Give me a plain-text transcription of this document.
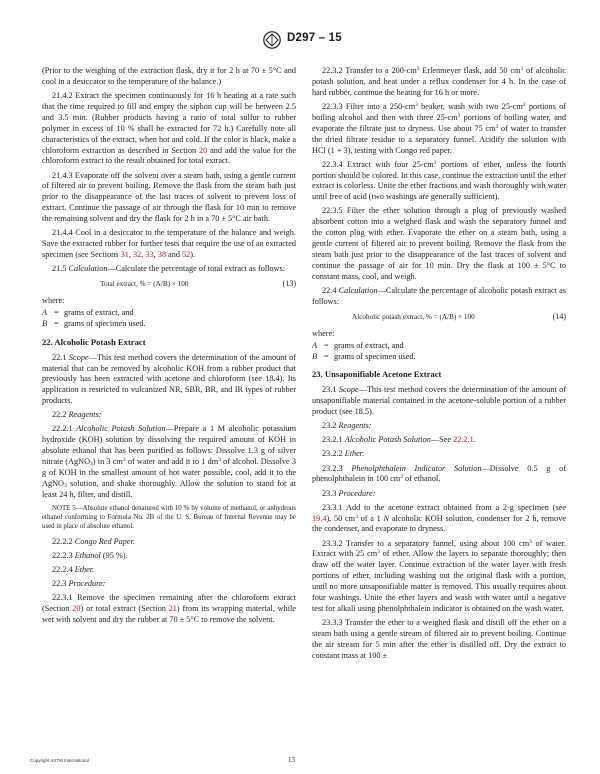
D297 – 15

(Prior to the weighing of the extraction flask, dry it for 2 h at 70 ± 5°C and cool in a desiccator to the temperature of the balance.)

21.4.2 Extract the specimen continuously for 16 h heating at a rate such that the time required to fill and empty the siphon cup will be between 2.5 and 3.5 min. (Rubber products having a ratio of total sulfur to rubber polymer in excess of 10 % shall be extracted for 72 h.) Carefully note all characteristics of the extract, when hot and cold. If the color is black, make a chloroform extraction as described in Section 20 and add the value for the chloroform extract to the result obtained for total extract.

21.4.3 Evaporate off the solvent over a steam bath, using a gentle current of filtered air to prevent boiling. Remove the flask from the steam bath just prior to the disappearance of the last traces of solvent to prevent loss of extract. Continue the passage of air through the flask for 10 min to remove the remaining solvent and dry the flask for 2 h in a 70 ± 5°C air bath.

21.4.4 Cool in a desiccator to the temperature of the balance and weigh. Save the extracted rubber for further tests that require the use of an extracted specimen (see Sections 31, 32, 33, 38 and 52).

21.5 Calculation—Calculate the percentage of total extract as follows:

Total extract, % = (A/B) × 100	(13)
where:
A = grams of extract, and
B = grams of specimen used.
22. Alcoholic Potash Extract

22.1 Scope—This test method covers the determination of the amount of material that can be removed by alcoholic KOH from a rubber product that previously has been extracted with acetone and chloroform (see 18.4). Its application is restricted to vulcanized NR, SBR, BR, and IR types of rubber products.

22.2 Reagents:

22.2.1 Alcoholic Potash Solution—Prepare a 1 M alcoholic potassium hydroxide (KOH) solution by dissolving the required amount of KOH in absolute ethanol that has been purified as follows: Dissolve 1.3 g of silver nitrate (AgNO$_3$) in 3 $cm^3$ of water and add it to 1 $dm^3$ of alcohol. Dissolve 3 g of KOH in the smallest amount of hot water possible, cool, add it to the AgNO$_3$ solution, and shake thoroughly. Allow the solution to stand for at least 24 h, filter, and distill.

NOTE 5—Absolute ethanol denatured with 10 % by volume of methanol, or anhydrous ethanol conforming to Formula No. 2B of the U. S. Bureau of Internal Revenue may be used in place of absolute ethanol.

22.2.2 Congo Red Paper.

22.2.3 Ethanol (95 %).

22.2.4 Ether.

22.3 Procedure:

22.3.1 Remove the specimen remaining after the chloroform extract (Section 20) or total extract (Section 21) from its wrapping material, while wet with solvent and dry the rubber at 70 ± 5°C to remove the solvent.

22.3.2 Transfer to a $200-cm^3$ Erlenmeyer flask, add 50 $cm^3$ of alcoholic potash solution, and heat under a reflux condenser for 4 h. In the case of hard rubber, continue the heating for 16 h or more.

22.3.3 Filter into a $250-cm^3$ beaker, wash with two $25-cm^3$ portions of boiling alcohol and then with three $25-cm^3$ portions of boiling water, and evaporate the filtrate just to dryness. Use about 75 $cm^3$ of water to transfer the dried filtrate residue to a separatory funnel. Acidify the solution with HCl (1 + 3), testing with Congo red paper.

22.3.4 Extract with four $25-cm^3$ portions of ether, unless the fourth portion should be colored. In this case, continue the extraction until the ether extract is colorless. Unite the ether fractions and wash thoroughly with water until free of acid (two washings are generally sufficient).

22.3.5 Filter the ether solution through a plug of previously washed absorbent cotton into a weighed flask and wash the separatory funnel and the cotton plug with ether. Evaporate the ether on a steam bath, using a gentle current of filtered air to prevent boiling. Remove the flask from the steam bath just prior to the disappearance of the last traces of solvent and continue the passage of air for 10 min. Dry the flask at 100 ± 5°C to constant mass, cool, and weigh.

22.4 Calculation—Calculate the percentage of alcoholic potash extract as follows:

Alcoholic potash extract, % = (A/B) × 100	(14)
where:
A = grams of extract, and
B = grams of specimen used.
23. Unsaponifiable Acetone Extract

23.1 Scope—This test method covers the determination of the amount of unsaponifiable material contained in the acetone-soluble portion of a rubber product (see 18.5).

23.2 Reagents:

23.2.1 Alcoholic Potash Solution—See 22.2.1.

23.2.2 Ether.

23.2.3 Phenolphthalein Indicator Solution—Dissolve 0.5 g of phenolphthalein in 100 $cm^3$ of ethanol.

23.3 Procedure:

23.3.1 Add to the acetone extract obtained from a 2-g specimen (see 19.4), 50 $cm^3$ of a 1 N alcoholic KOH solution, condenser for 2 h, remove the condenser, and evaporate to dryness.

23.3.2 Transfer to a separatory funnel, using about 100 $cm^3$ of water. Extract with 25 $cm^3$ of ether. Allow the layers to separate thoroughly; then draw off the water layer. Continue extraction of the water layer with fresh portions of ether, including washing out the original flask with a portion, until no more unsaponifiable matter is removed. This usually requires about four washings. Unite the ether layers and wash with water until a negative test for alkali using phenolphthalein indicator is obtained on the wash water.

23.3.3 Transfer the ether to a weighed flask and distill off the ether on a steam bath using a gentle stream of filtered air to prevent boiling. Continue the air stream for 5 min after the ether is distilled off. Dry the extract to constant mass at 100 ±

Copyright ASTM International	13
